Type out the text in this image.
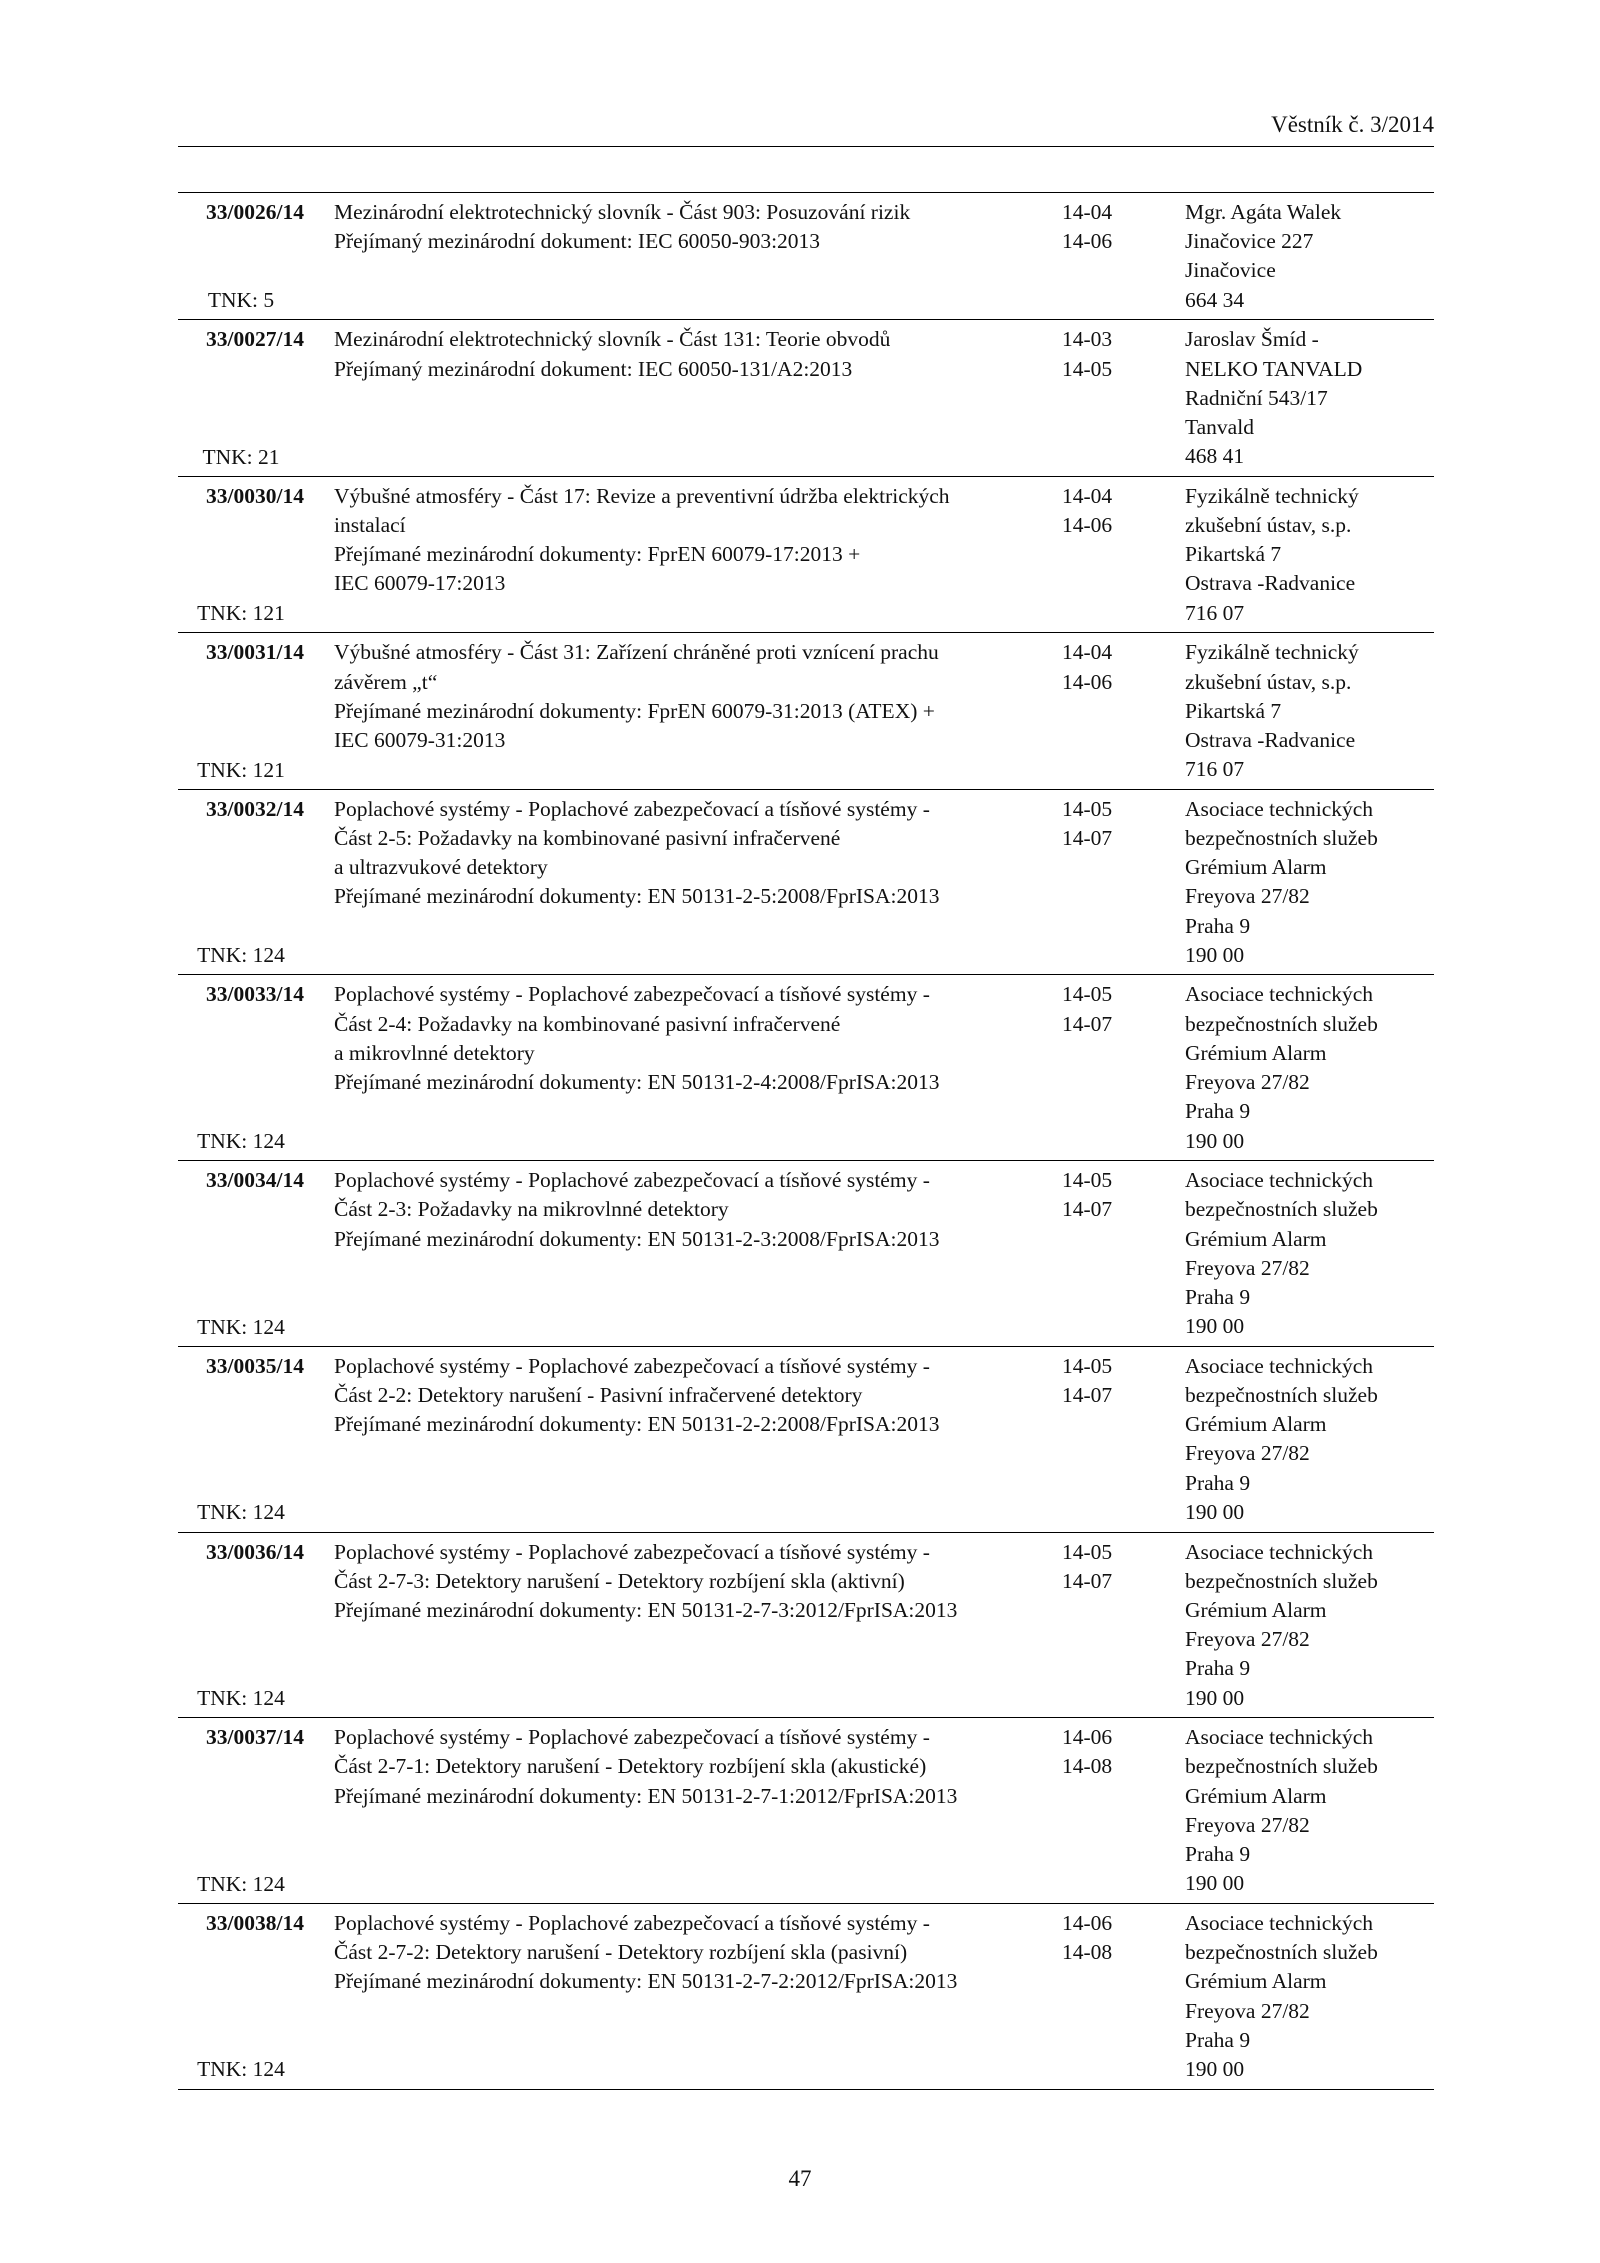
Věstník č. 3/2014
33/0026/14
TNK: 5
Mezinárodní elektrotechnický slovník - Část 903: Posuzování rizik
Přejímaný mezinárodní dokument: IEC 60050-903:2013
14-04
14-06
Mgr. Agáta Walek
Jinačovice 227
Jinačovice
664 34
33/0027/14
TNK: 21
Mezinárodní elektrotechnický slovník - Část 131: Teorie obvodů
Přejímaný mezinárodní dokument: IEC 60050-131/A2:2013
14-03
14-05
Jaroslav Šmíd -
NELKO TANVALD
Radniční 543/17
Tanvald
468 41
33/0030/14
TNK: 121
Výbušné atmosféry - Část 17: Revize a preventivní údržba elektrických
instalací
Přejímané mezinárodní dokumenty: FprEN 60079-17:2013 +
IEC 60079-17:2013
14-04
14-06
Fyzikálně technický
zkušební ústav, s.p.
Pikartská 7
Ostrava -Radvanice
716 07
33/0031/14
TNK: 121
Výbušné atmosféry - Část 31: Zařízení chráněné proti vznícení prachu
závěrem „t“
Přejímané mezinárodní dokumenty: FprEN 60079-31:2013 (ATEX) +
IEC 60079-31:2013
14-04
14-06
Fyzikálně technický
zkušební ústav, s.p.
Pikartská 7
Ostrava -Radvanice
716 07
33/0032/14
TNK: 124
Poplachové systémy - Poplachové zabezpečovací a tísňové systémy -
Část 2-5: Požadavky na kombinované pasivní infračervené
a ultrazvukové detektory
Přejímané mezinárodní dokumenty: EN 50131-2-5:2008/FprISA:2013
14-05
14-07
Asociace technických
bezpečnostních služeb
Grémium Alarm
Freyova 27/82
Praha 9
190 00
33/0033/14
TNK: 124
Poplachové systémy - Poplachové zabezpečovací a tísňové systémy -
Část 2-4: Požadavky na kombinované pasivní infračervené
a mikrovlnné detektory
Přejímané mezinárodní dokumenty: EN 50131-2-4:2008/FprISA:2013
14-05
14-07
Asociace technických
bezpečnostních služeb
Grémium Alarm
Freyova 27/82
Praha 9
190 00
33/0034/14
TNK: 124
Poplachové systémy - Poplachové zabezpečovací a tísňové systémy -
Část 2-3: Požadavky na mikrovlnné detektory
Přejímané mezinárodní dokumenty: EN 50131-2-3:2008/FprISA:2013
14-05
14-07
Asociace technických
bezpečnostních služeb
Grémium Alarm
Freyova 27/82
Praha 9
190 00
33/0035/14
TNK: 124
Poplachové systémy - Poplachové zabezpečovací a tísňové systémy -
Část 2-2: Detektory narušení - Pasivní infračervené detektory
Přejímané mezinárodní dokumenty: EN 50131-2-2:2008/FprISA:2013
14-05
14-07
Asociace technických
bezpečnostních služeb
Grémium Alarm
Freyova 27/82
Praha 9
190 00
33/0036/14
TNK: 124
Poplachové systémy - Poplachové zabezpečovací a tísňové systémy -
Část 2-7-3: Detektory narušení - Detektory rozbíjení skla (aktivní)
Přejímané mezinárodní dokumenty: EN 50131-2-7-3:2012/FprISA:2013
14-05
14-07
Asociace technických
bezpečnostních služeb
Grémium Alarm
Freyova 27/82
Praha 9
190 00
33/0037/14
TNK: 124
Poplachové systémy - Poplachové zabezpečovací a tísňové systémy -
Část 2-7-1: Detektory narušení - Detektory rozbíjení skla (akustické)
Přejímané mezinárodní dokumenty: EN 50131-2-7-1:2012/FprISA:2013
14-06
14-08
Asociace technických
bezpečnostních služeb
Grémium Alarm
Freyova 27/82
Praha 9
190 00
33/0038/14
TNK: 124
Poplachové systémy - Poplachové zabezpečovací a tísňové systémy -
Část 2-7-2: Detektory narušení - Detektory rozbíjení skla (pasivní)
Přejímané mezinárodní dokumenty: EN 50131-2-7-2:2012/FprISA:2013
14-06
14-08
Asociace technických
bezpečnostních služeb
Grémium Alarm
Freyova 27/82
Praha 9
190 00
47
